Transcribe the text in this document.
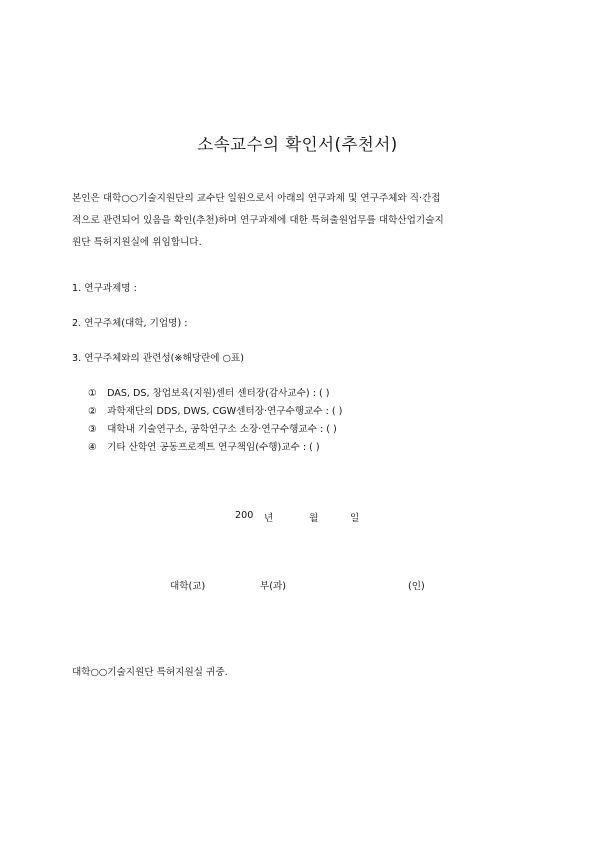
소속교수의 확인서(추천서)
본인은 대학○○기술지원단의 교수단 일원으로서 아래의 연구과제 및 연구주체와 직·간접
적으로 관련되어 있음을 확인(추천)하며 연구과제에 대한 특허출원업무를 대학산업기술지
원단 특허지원실에 위임합니다.
1. 연구과제명 :
2. 연구주체(대학, 기업명) :
3. 연구주체와의 관련성(※해당란에 ○표)
① DAS, DS, 창업보육(지원)센터 센터장(감사교수) : ( )
② 과학재단의 DDS, DWS, CGW센터장·연구수행교수 : ( )
③ 대학내 기술연구소, 공학연구소 소장·연구수행교수 : ( )
④ 기타 산학연 공동프로젝트 연구책임(수행)교수 : ( )
200 년	월	일
대학(교)	부(과)	(인)
대학○○기술지원단 특허지원실 귀중.
